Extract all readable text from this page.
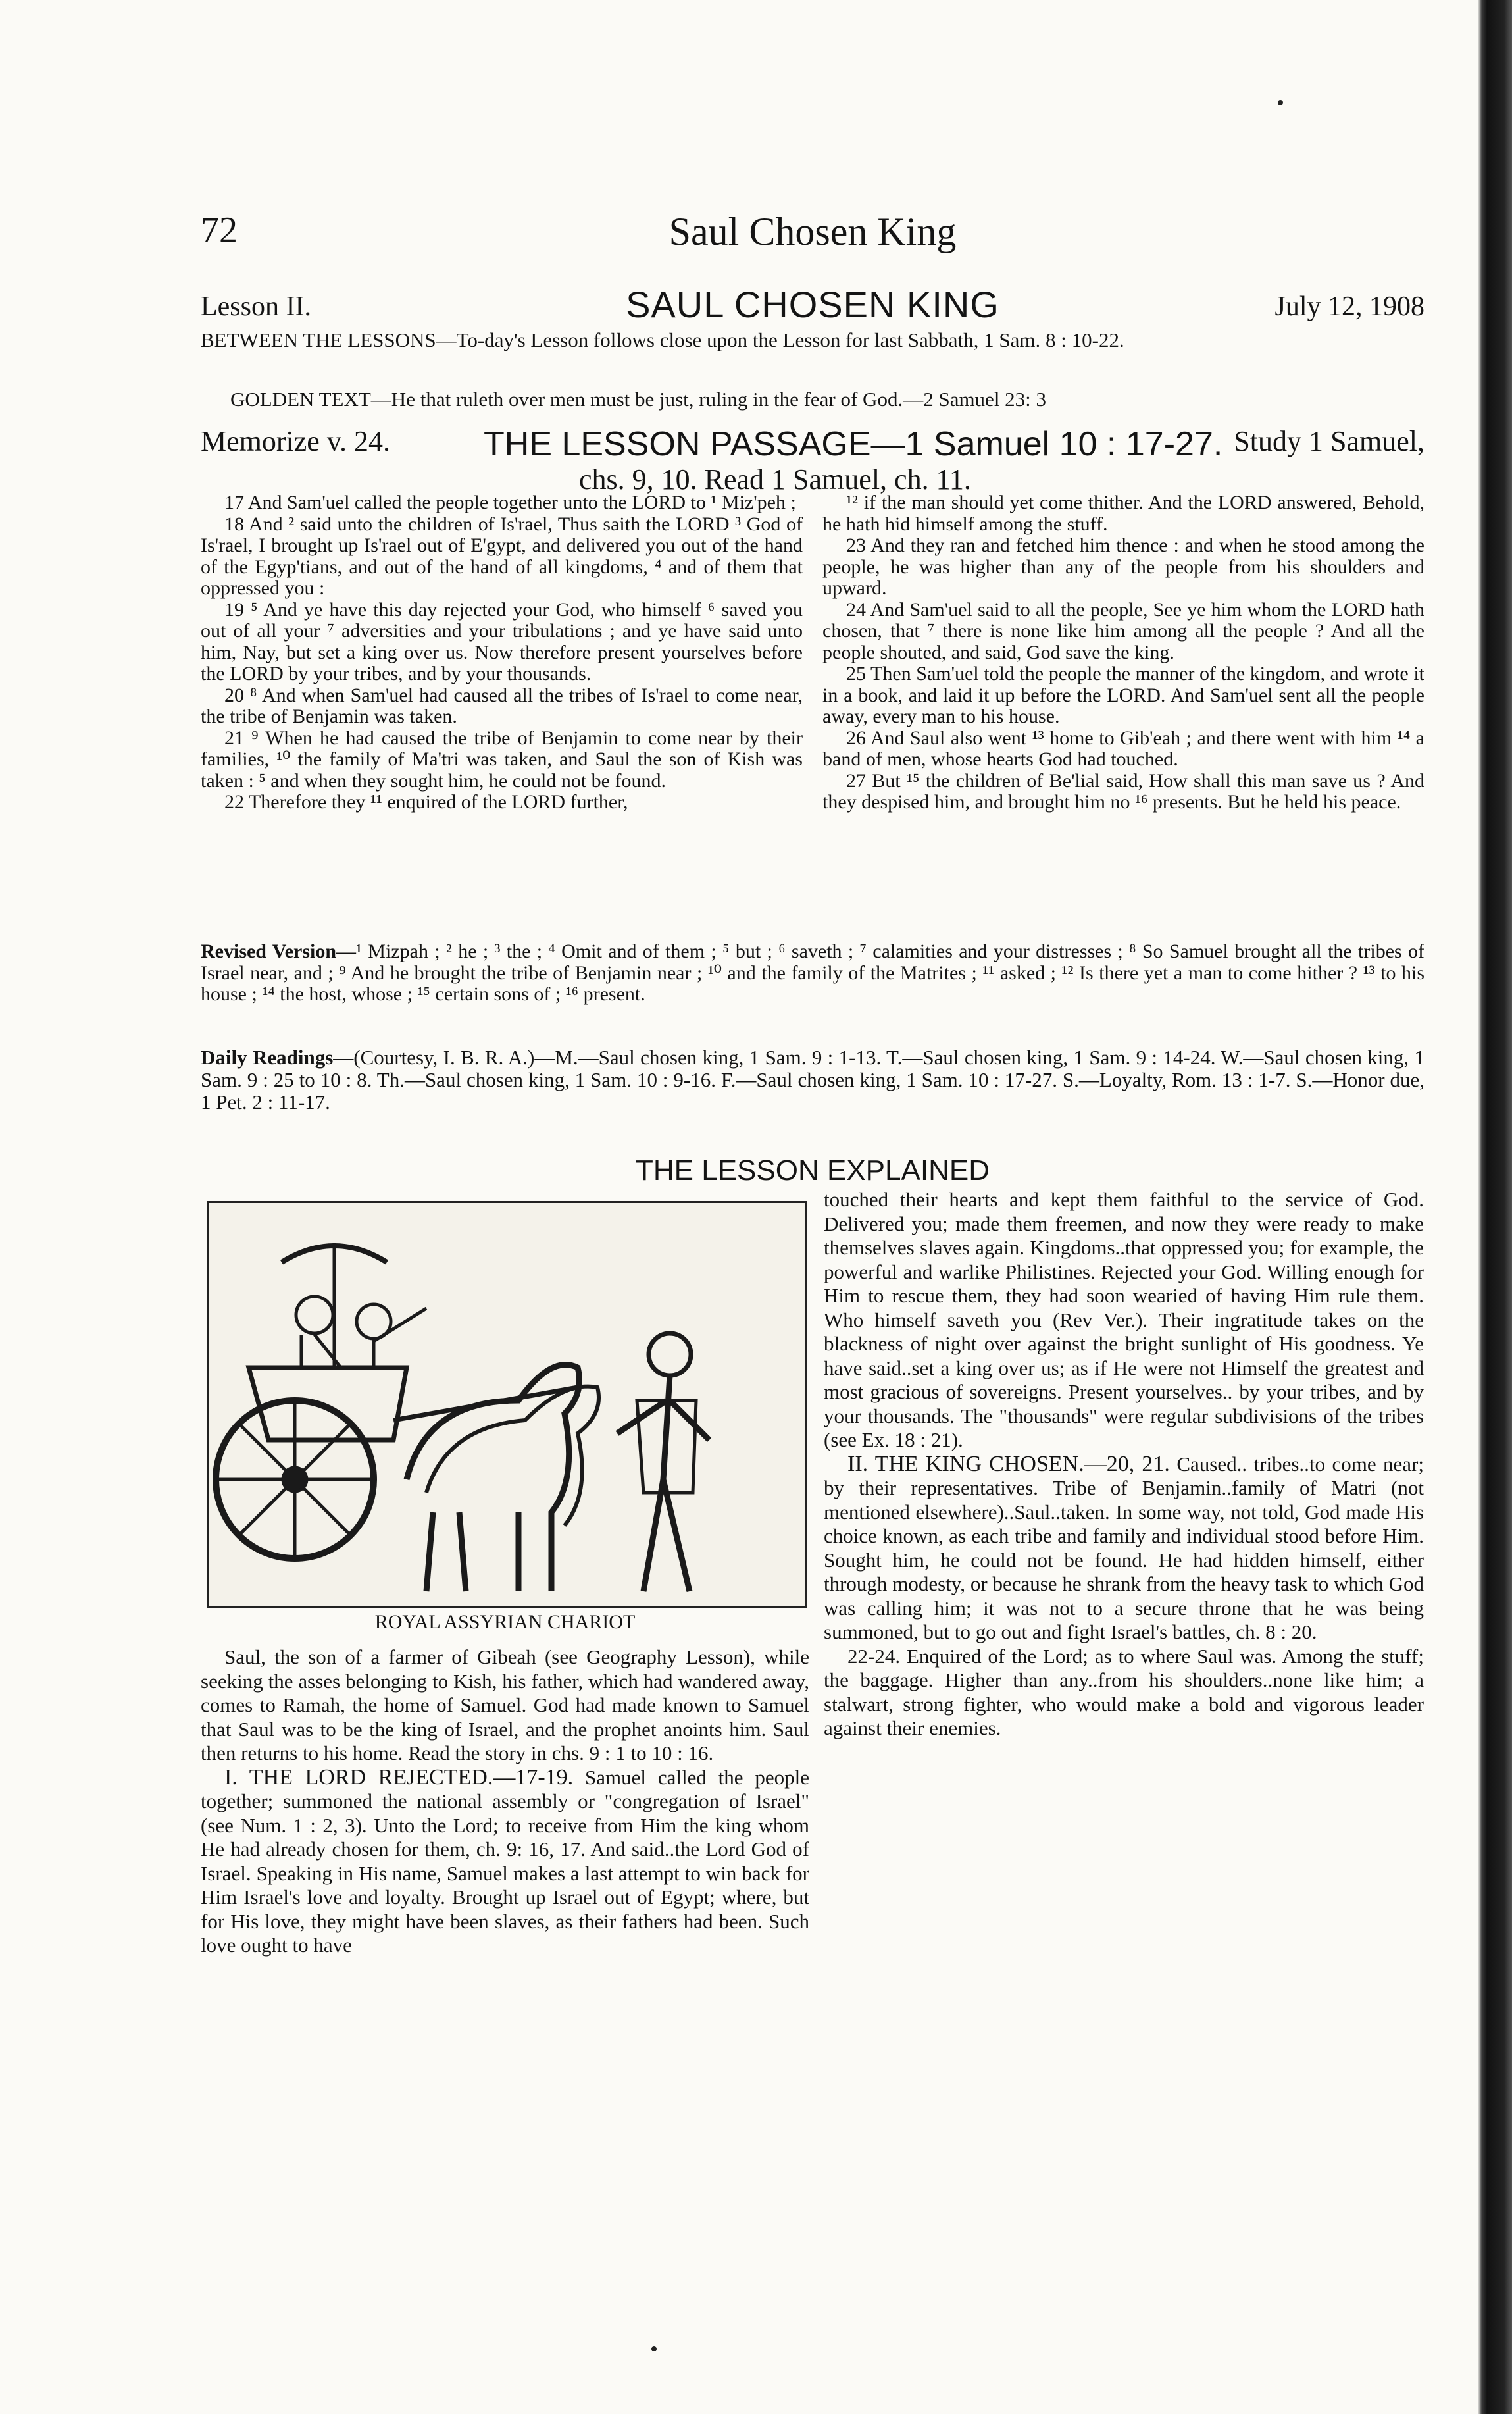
72	Saul Chosen King
Lesson II.	SAUL CHOSEN KING	July 12, 1908

BETWEEN THE LESSONS—To-day's Lesson follows close upon the Lesson for last Sabbath, 1 Sam. 8 : 10-22.

GOLDEN TEXT—He that ruleth over men must be just, ruling in the fear of God.—2 Samuel 23: 3

Memorize v. 24.	THE LESSON PASSAGE—1 Samuel 10 : 17-27. Study 1 Samuel,
chs. 9, 10. Read 1 Samuel, ch. 11.

17 And Sam'uel called the people together unto the LORD to ¹ Miz'peh ;

18 And ² said unto the children of Is'rael, Thus saith the LORD ³ God of Is'rael, I brought up Is'rael out of E'gypt, and delivered you out of the hand of the Egyp'tians, and out of the hand of all kingdoms, ⁴ and of them that oppressed you :

19 ⁵ And ye have this day rejected your God, who himself ⁶ saved you out of all your ⁷ adversities and your tribulations ; and ye have said unto him, Nay, but set a king over us. Now therefore present yourselves before the LORD by your tribes, and by your thousands.

20 ⁸ And when Sam'uel had caused all the tribes of Is'rael to come near, the tribe of Benjamin was taken.

21 ⁹ When he had caused the tribe of Benjamin to come near by their families, ¹⁰ the family of Ma'tri was taken, and Saul the son of Kish was taken : ⁵ and when they sought him, he could not be found.

22 Therefore they ¹¹ enquired of the LORD further,

¹² if the man should yet come thither. And the LORD answered, Behold, he hath hid himself among the stuff.

23 And they ran and fetched him thence : and when he stood among the people, he was higher than any of the people from his shoulders and upward.

24 And Sam'uel said to all the people, See ye him whom the LORD hath chosen, that ⁷ there is none like him among all the people ? And all the people shouted, and said, God save the king.

25 Then Sam'uel told the people the manner of the kingdom, and wrote it in a book, and laid it up before the LORD. And Sam'uel sent all the people away, every man to his house.

26 And Saul also went ¹³ home to Gib'eah ; and there went with him ¹⁴ a band of men, whose hearts God had touched.

27 But ¹⁵ the children of Be'lial said, How shall this man save us ? And they despised him, and brought him no ¹⁶ presents. But he held his peace.

Revised Version—¹ Mizpah ; ² he ; ³ the ; ⁴ Omit and of them ; ⁵ but ; ⁶ saveth ; ⁷ calamities and your distresses ; ⁸ So Samuel brought all the tribes of Israel near, and ; ⁹ And he brought the tribe of Benjamin near ; ¹⁰ and the family of the Matrites ; ¹¹ asked ; ¹² Is there yet a man to come hither ? ¹³ to his house ; ¹⁴ the host, whose ; ¹⁵ certain sons of ; ¹⁶ present.

Daily Readings—(Courtesy, I. B. R. A.)—M.—Saul chosen king, 1 Sam. 9 : 1-13. T.—Saul chosen king, 1 Sam. 9 : 14-24. W.—Saul chosen king, 1 Sam. 9 : 25 to 10 : 8. Th.—Saul chosen king, 1 Sam. 10 : 9-16. F.—Saul chosen king, 1 Sam. 10 : 17-27. S.—Loyalty, Rom. 13 : 1-7. S.—Honor due, 1 Pet. 2 : 11-17.

THE LESSON EXPLAINED
ROYAL ASSYRIAN CHARIOT

Saul, the son of a farmer of Gibeah (see Geography Lesson), while seeking the asses belonging to Kish, his father, which had wandered away, comes to Ramah, the home of Samuel. God had made known to Samuel that Saul was to be the king of Israel, and the prophet anoints him. Saul then returns to his home. Read the story in chs. 9 : 1 to 10 : 16.

I. THE LORD REJECTED.—17-19. Samuel called the people together; summoned the national assembly or "congregation of Israel" (see Num. 1 : 2, 3). Unto the Lord; to receive from Him the king whom He had already chosen for them, ch. 9: 16, 17. And said..the Lord God of Israel. Speaking in His name, Samuel makes a last attempt to win back for Him Israel's love and loyalty. Brought up Israel out of Egypt; where, but for His love, they might have been slaves, as their fathers had been. Such love ought to have

touched their hearts and kept them faithful to the service of God. Delivered you; made them freemen, and now they were ready to make themselves slaves again. Kingdoms..that oppressed you; for example, the powerful and warlike Philistines. Rejected your God. Willing enough for Him to rescue them, they had soon wearied of having Him rule them. Who himself saveth you (Rev Ver.). Their ingratitude takes on the blackness of night over against the bright sunlight of His goodness. Ye have said..set a king over us; as if He were not Himself the greatest and most gracious of sovereigns. Present yourselves.. by your tribes, and by your thousands. The "thousands" were regular subdivisions of the tribes (see Ex. 18 : 21).

II. THE KING CHOSEN.—20, 21. Caused.. tribes..to come near; by their representatives. Tribe of Benjamin..family of Matri (not mentioned elsewhere)..Saul..taken. In some way, not told, God made His choice known, as each tribe and family and individual stood before Him. Sought him, he could not be found. He had hidden himself, either through modesty, or because he shrank from the heavy task to which God was calling him; it was not to a secure throne that he was being summoned, but to go out and fight Israel's battles, ch. 8 : 20.

22-24. Enquired of the Lord; as to where Saul was. Among the stuff; the baggage. Higher than any..from his shoulders..none like him; a stalwart, strong fighter, who would make a bold and vigorous leader against their enemies.
